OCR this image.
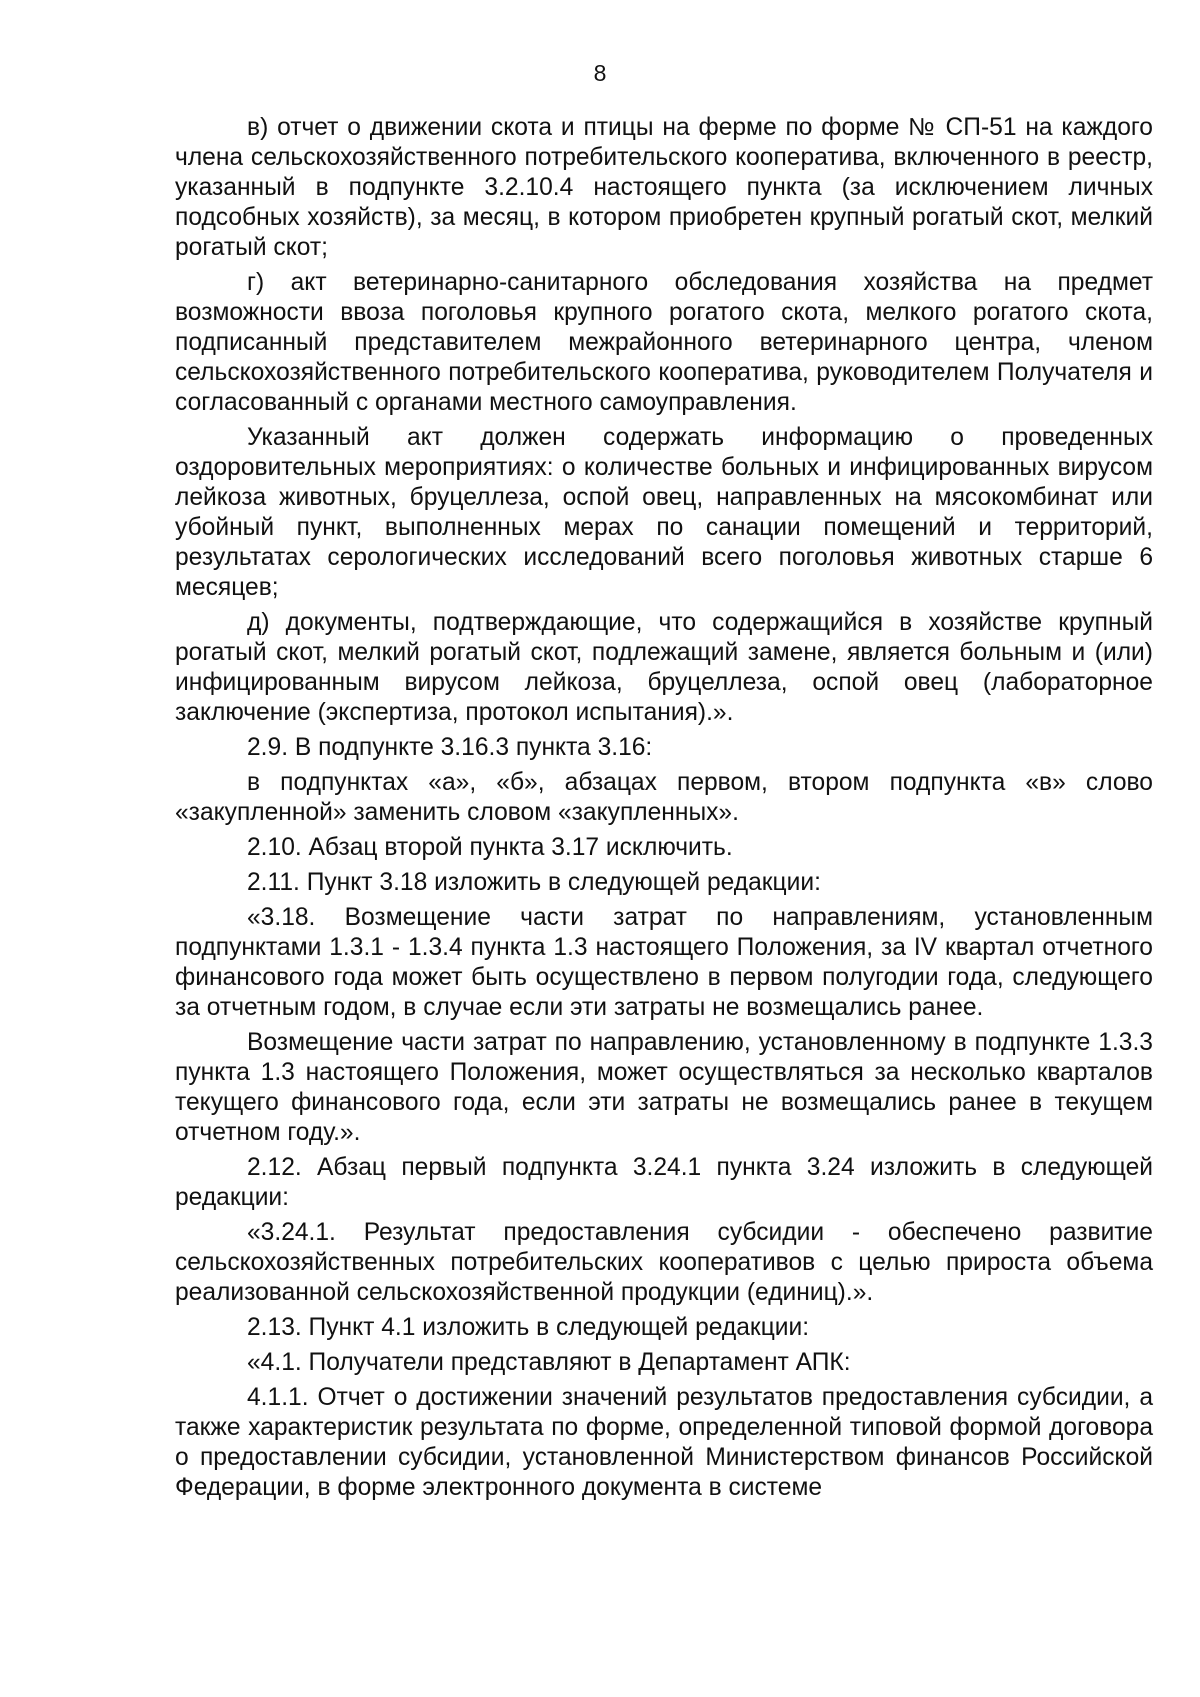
8

в) отчет о движении скота и птицы на ферме по форме № СП-51 на каждого члена сельскохозяйственного потребительского кооператива, включенного в реестр, указанный в подпункте 3.2.10.4 настоящего пункта (за исключением личных подсобных хозяйств), за месяц, в котором приобретен крупный рогатый скот, мелкий рогатый скот;

г) акт ветеринарно-санитарного обследования хозяйства на предмет возможности ввоза поголовья крупного рогатого скота, мелкого рогатого скота, подписанный представителем межрайонного ветеринарного центра, членом сельскохозяйственного потребительского кооператива, руководителем Получателя и согласованный с органами местного самоуправления.

Указанный акт должен содержать информацию о проведенных оздоровительных мероприятиях: о количестве больных и инфицированных вирусом лейкоза животных, бруцеллеза, оспой овец, направленных на мясокомбинат или убойный пункт, выполненных мерах по санации помещений и территорий, результатах серологических исследований всего поголовья животных старше 6 месяцев;

д) документы, подтверждающие, что содержащийся в хозяйстве крупный рогатый скот, мелкий рогатый скот, подлежащий замене, является больным и (или) инфицированным вирусом лейкоза, бруцеллеза, оспой овец (лабораторное заключение (экспертиза, протокол испытания).».

2.9. В подпункте 3.16.3 пункта 3.16:

в подпунктах «а», «б», абзацах первом, втором подпункта «в» слово «закупленной» заменить словом «закупленных».

2.10. Абзац второй пункта 3.17 исключить.

2.11. Пункт 3.18 изложить в следующей редакции:

«3.18. Возмещение части затрат по направлениям, установленным подпунктами 1.3.1 - 1.3.4 пункта 1.3 настоящего Положения, за IV квартал отчетного финансового года может быть осуществлено в первом полугодии года, следующего за отчетным годом, в случае если эти затраты не возмещались ранее.

Возмещение части затрат по направлению, установленному в подпункте 1.3.3 пункта 1.3 настоящего Положения, может осуществляться за несколько кварталов текущего финансового года, если эти затраты не возмещались ранее в текущем отчетном году.».

2.12. Абзац первый подпункта 3.24.1 пункта 3.24 изложить в следующей редакции:

«3.24.1. Результат предоставления субсидии - обеспечено развитие сельскохозяйственных потребительских кооперативов с целью прироста объема реализованной сельскохозяйственной продукции (единиц).».

2.13. Пункт 4.1 изложить в следующей редакции:

«4.1. Получатели представляют в Департамент АПК:

4.1.1. Отчет о достижении значений результатов предоставления субсидии, а также характеристик результата по форме, определенной типовой формой договора о предоставлении субсидии, установленной Министерством финансов Российской Федерации, в форме электронного документа в системе
